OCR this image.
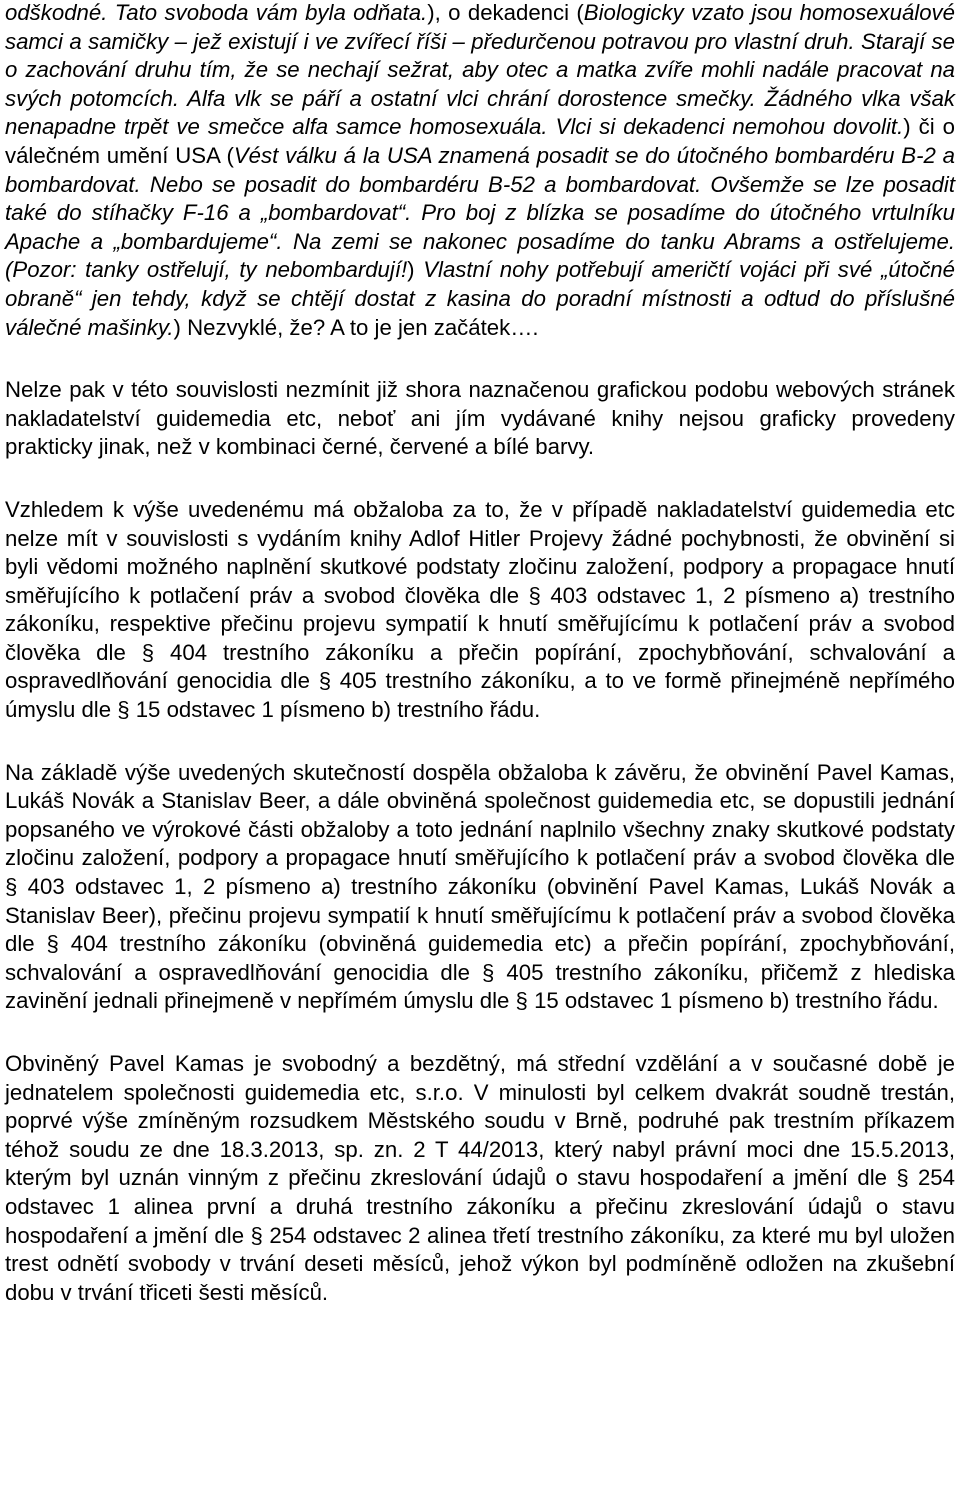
odškodné. Tato svoboda vám byla odňata.), o dekadenci (Biologicky vzato jsou homosexuálové samci a samičky – jež existují i ve zvířecí říši – předurčenou potravou pro vlastní druh. Starají se o zachování druhu tím, že se nechají sežrat, aby otec a matka zvíře mohli nadále pracovat na svých potomcích. Alfa vlk se páří a ostatní vlci chrání dorostence smečky. Žádného vlka však nenapadne trpět ve smečce alfa samce homosexuála. Vlci si dekadenci nemohou dovolit.) či o válečném umění USA (Vést válku á la USA znamená posadit se do útočného bombardéru B-2 a bombardovat. Nebo se posadit do bombardéru B-52 a bombardovat. Ovšemže se lze posadit také do stíhačky F-16 a „bombardovat“. Pro boj z blízka se posadíme do útočného vrtulníku Apache a „bombardujeme“. Na zemi se nakonec posadíme do tanku Abrams a ostřelujeme. (Pozor: tanky ostřelují, ty nebombardují!) Vlastní nohy potřebují američtí vojáci při své „útočné obraně“ jen tehdy, když se chtějí dostat z kasina do poradní místnosti a odtud do příslušné válečné mašinky.) Nezvyklé, že? A to je jen začátek….

Nelze pak v této souvislosti nezmínit již shora naznačenou grafickou podobu webových stránek nakladatelství guidemedia etc, neboť ani jím vydávané knihy nejsou graficky provedeny prakticky jinak, než v kombinaci černé, červené a bílé barvy.

Vzhledem k výše uvedenému má obžaloba za to, že v případě nakladatelství guidemedia etc nelze mít v souvislosti s vydáním knihy Adlof Hitler Projevy žádné pochybnosti, že obvinění si byli vědomi možného naplnění skutkové podstaty zločinu založení, podpory a propagace hnutí směřujícího k potlačení práv a svobod člověka dle § 403 odstavec 1, 2 písmeno a) trestního zákoníku, respektive přečinu projevu sympatií k hnutí směřujícímu k potlačení práv a svobod člověka dle § 404 trestního zákoníku a přečin popírání, zpochybňování, schvalování a ospravedlňování genocidia dle § 405 trestního zákoníku, a to ve formě přinejméně nepřímého úmyslu dle § 15 odstavec 1 písmeno b) trestního řádu.

Na základě výše uvedených skutečností dospěla obžaloba k závěru, že obvinění Pavel Kamas, Lukáš Novák a Stanislav Beer, a dále obviněná společnost guidemedia etc, se dopustili jednání popsaného ve výrokové části obžaloby a toto jednání naplnilo všechny znaky skutkové podstaty zločinu založení, podpory a propagace hnutí směřujícího k potlačení práv a svobod člověka dle § 403 odstavec 1, 2 písmeno a) trestního zákoníku (obvinění Pavel Kamas, Lukáš Novák a Stanislav Beer), přečinu projevu sympatií k hnutí směřujícímu k potlačení práv a svobod člověka dle § 404 trestního zákoníku (obviněná guidemedia etc) a přečin popírání, zpochybňování, schvalování a ospravedlňování genocidia dle § 405 trestního zákoníku, přičemž z hlediska zavinění jednali přinejmeně v nepřímém úmyslu dle § 15 odstavec 1 písmeno b) trestního řádu.

Obviněný Pavel Kamas je svobodný a bezdětný, má střední vzdělání a v současné době je jednatelem společnosti guidemedia etc, s.r.o. V minulosti byl celkem dvakrát soudně trestán, poprvé výše zmíněným rozsudkem Městského soudu v Brně, podruhé pak trestním příkazem téhož soudu ze dne 18.3.2013, sp. zn. 2 T 44/2013, který nabyl právní moci dne 15.5.2013, kterým byl uznán vinným z přečinu zkreslování údajů o stavu hospodaření a jmění dle § 254 odstavec 1 alinea první a druhá trestního zákoníku a přečinu zkreslování údajů o stavu hospodaření a jmění dle § 254 odstavec 2 alinea třetí trestního zákoníku, za které mu byl uložen trest odnětí svobody v trvání deseti měsíců, jehož výkon byl podmíněně odložen na zkušební dobu v trvání třiceti šesti měsíců.
